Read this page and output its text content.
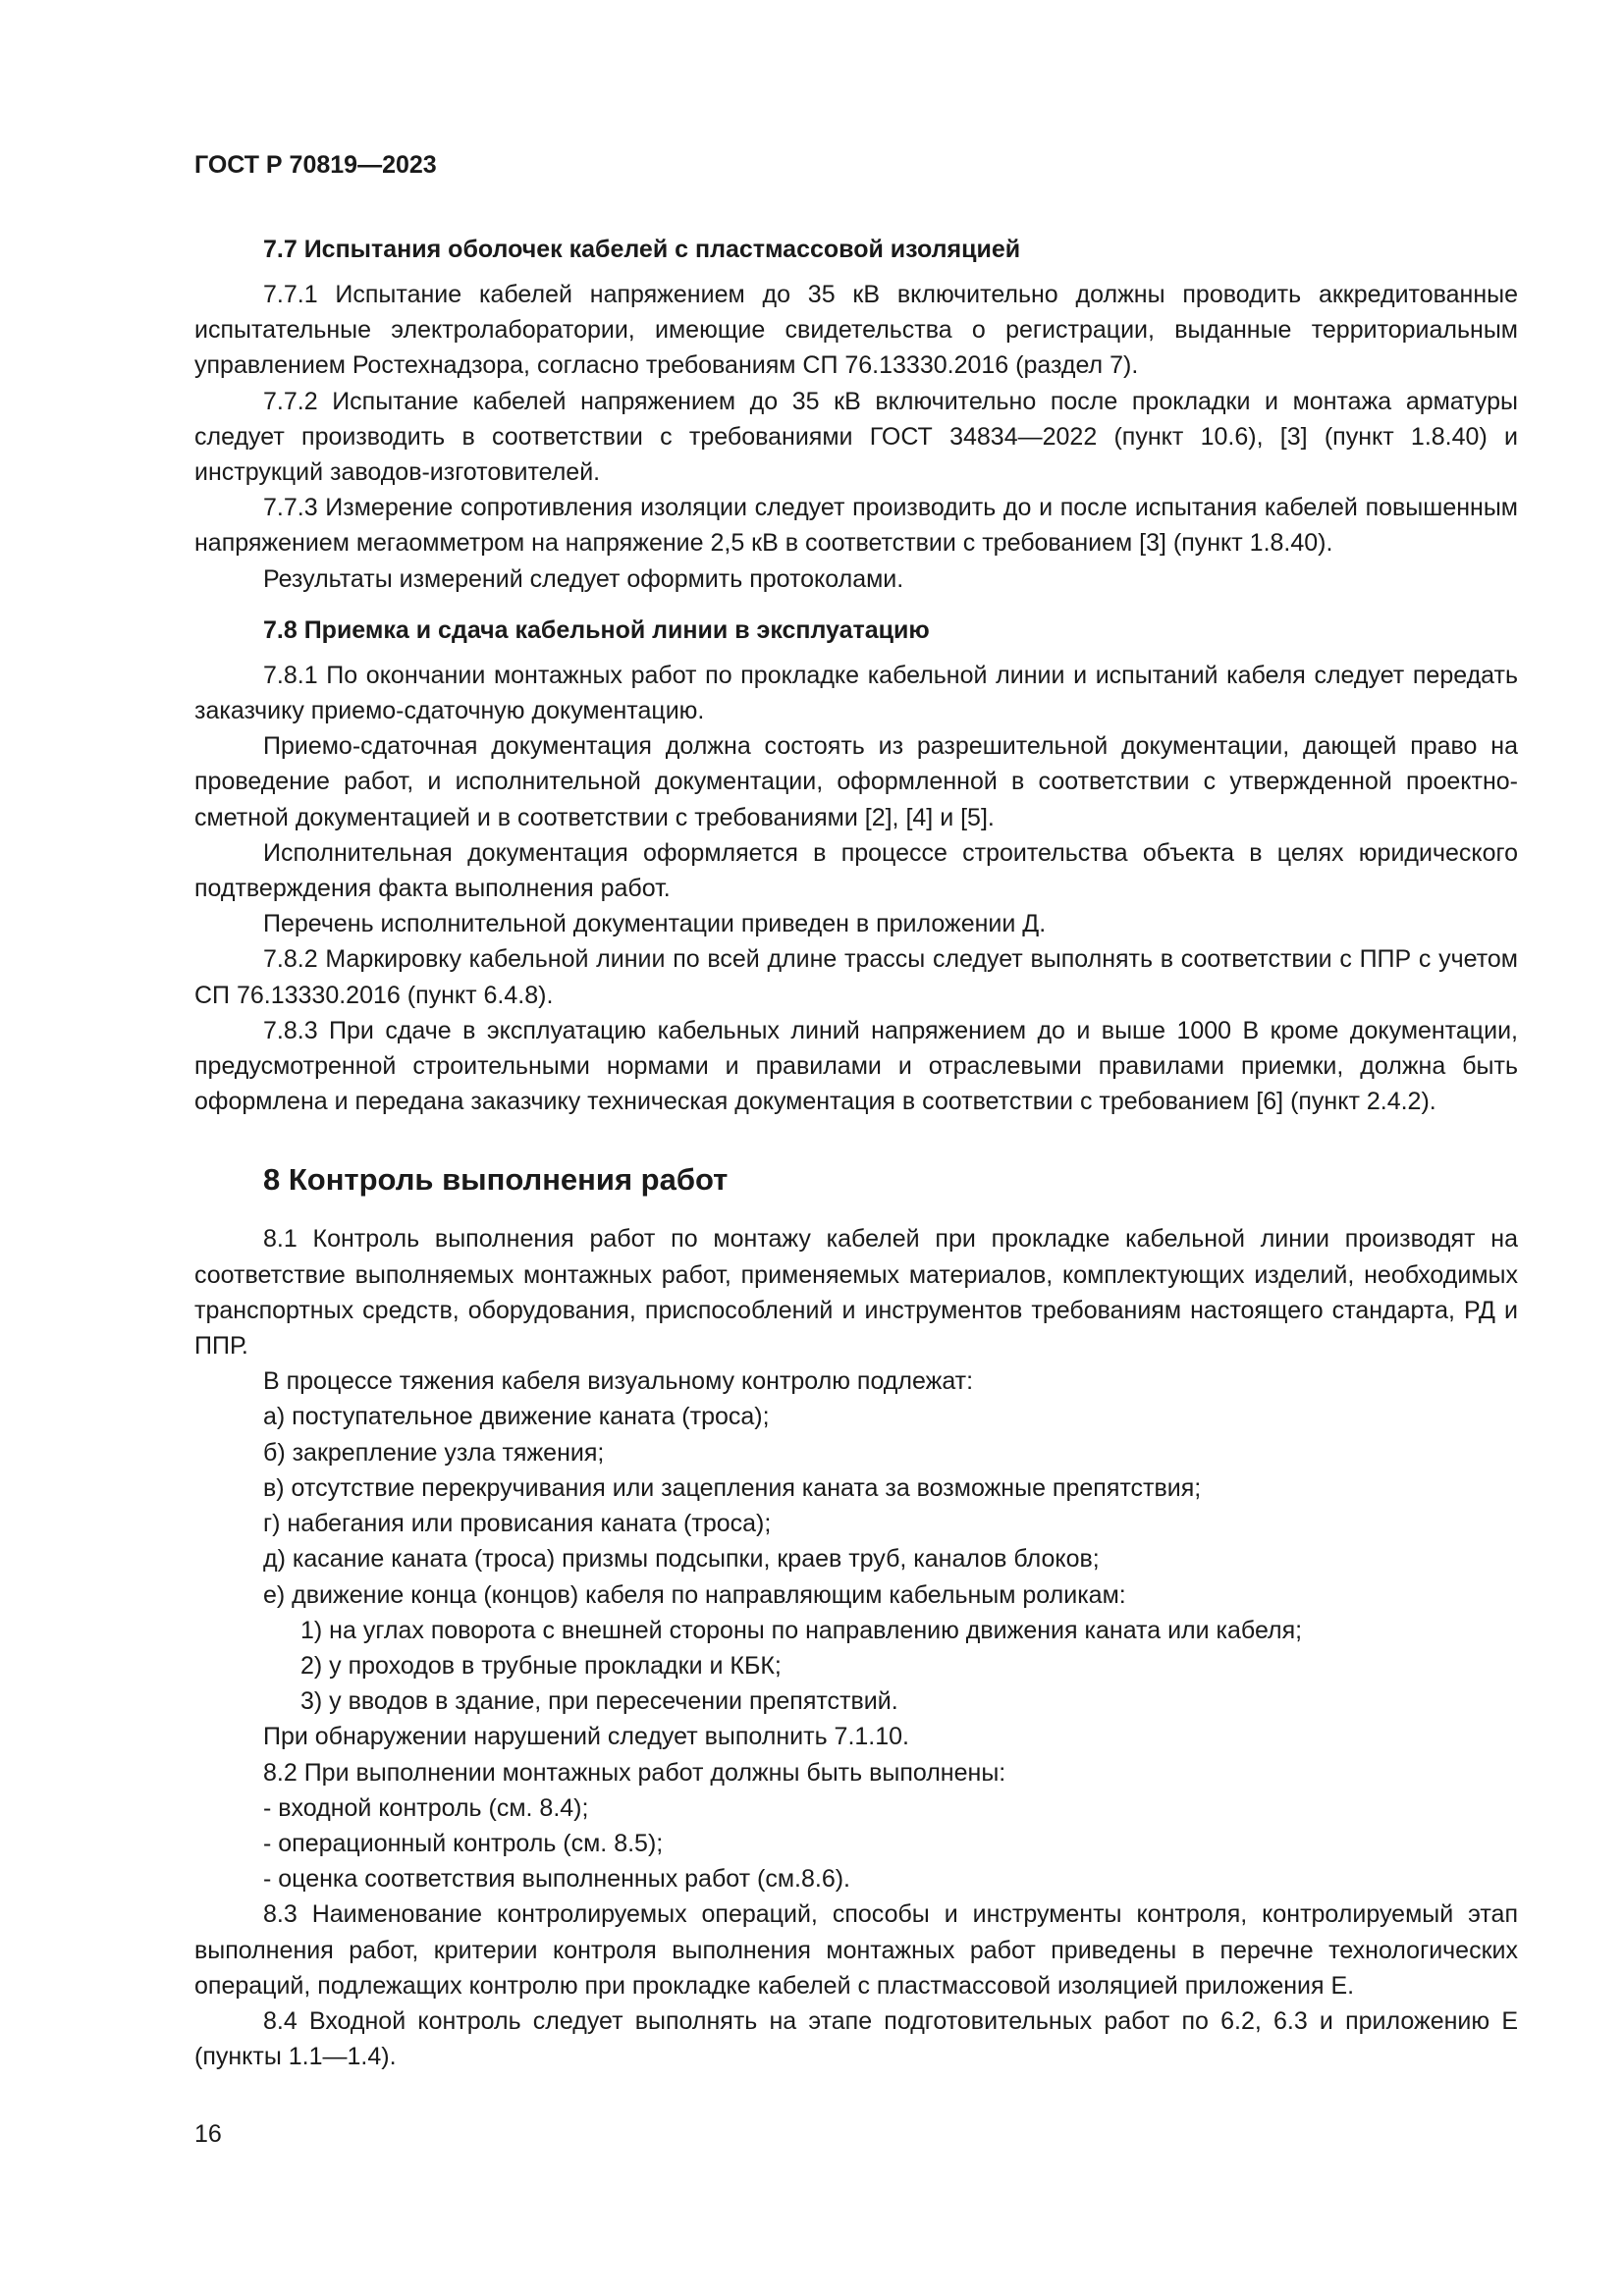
ГОСТ Р 70819—2023
7.7 Испытания оболочек кабелей с пластмассовой изоляцией

7.7.1 Испытание кабелей напряжением до 35 кВ включительно должны проводить аккредитованные испытательные электролаборатории, имеющие свидетельства о регистрации, выданные территориальным управлением Ростехнадзора, согласно требованиям СП 76.13330.2016 (раздел 7).

7.7.2 Испытание кабелей напряжением до 35 кВ включительно после прокладки и монтажа арматуры следует производить в соответствии с требованиями ГОСТ 34834—2022 (пункт 10.6), [3] (пункт 1.8.40) и инструкций заводов-изготовителей.

7.7.3 Измерение сопротивления изоляции следует производить до и после испытания кабелей повышенным напряжением мегаомметром на напряжение 2,5 кВ в соответствии с требованием [3] (пункт 1.8.40).

Результаты измерений следует оформить протоколами.

7.8 Приемка и сдача кабельной линии в эксплуатацию

7.8.1 По окончании монтажных работ по прокладке кабельной линии и испытаний кабеля следует передать заказчику приемо-сдаточную документацию.

Приемо-сдаточная документация должна состоять из разрешительной документации, дающей право на проведение работ, и исполнительной документации, оформленной в соответствии с утвержденной проектно-сметной документацией и в соответствии с требованиями [2], [4] и [5].

Исполнительная документация оформляется в процессе строительства объекта в целях юридического подтверждения факта выполнения работ.

Перечень исполнительной документации приведен в приложении Д.

7.8.2 Маркировку кабельной линии по всей длине трассы следует выполнять в соответствии с ППР с учетом СП 76.13330.2016 (пункт 6.4.8).

7.8.3 При сдаче в эксплуатацию кабельных линий напряжением до и выше 1000 В кроме документации, предусмотренной строительными нормами и правилами и отраслевыми правилами приемки, должна быть оформлена и передана заказчику техническая документация в соответствии с требованием [6] (пункт 2.4.2).

8 Контроль выполнения работ

8.1 Контроль выполнения работ по монтажу кабелей при прокладке кабельной линии производят на соответствие выполняемых монтажных работ, применяемых материалов, комплектующих изделий, необходимых транспортных средств, оборудования, приспособлений и инструментов требованиям настоящего стандарта, РД и ППР.

В процессе тяжения кабеля визуальному контролю подлежат:

а) поступательное движение каната (троса);

б) закрепление узла тяжения;

в) отсутствие перекручивания или зацепления каната за возможные препятствия;

г) набегания или провисания каната (троса);

д) касание каната (троса) призмы подсыпки, краев труб, каналов блоков;

е) движение конца (концов) кабеля по направляющим кабельным роликам:

1) на углах поворота с внешней стороны по направлению движения каната или кабеля;

2) у проходов в трубные прокладки и КБК;

3) у вводов в здание, при пересечении препятствий.

При обнаружении нарушений следует выполнить 7.1.10.

8.2 При выполнении монтажных работ должны быть выполнены:

- входной контроль (см. 8.4);

- операционный контроль (см. 8.5);

- оценка соответствия выполненных работ (см.8.6).

8.3 Наименование контролируемых операций, способы и инструменты контроля, контролируемый этап выполнения работ, критерии контроля выполнения монтажных работ приведены в перечне технологических операций, подлежащих контролю при прокладке кабелей с пластмассовой изоляцией приложения Е.

8.4 Входной контроль следует выполнять на этапе подготовительных работ по 6.2, 6.3 и приложению Е (пункты 1.1—1.4).

16
